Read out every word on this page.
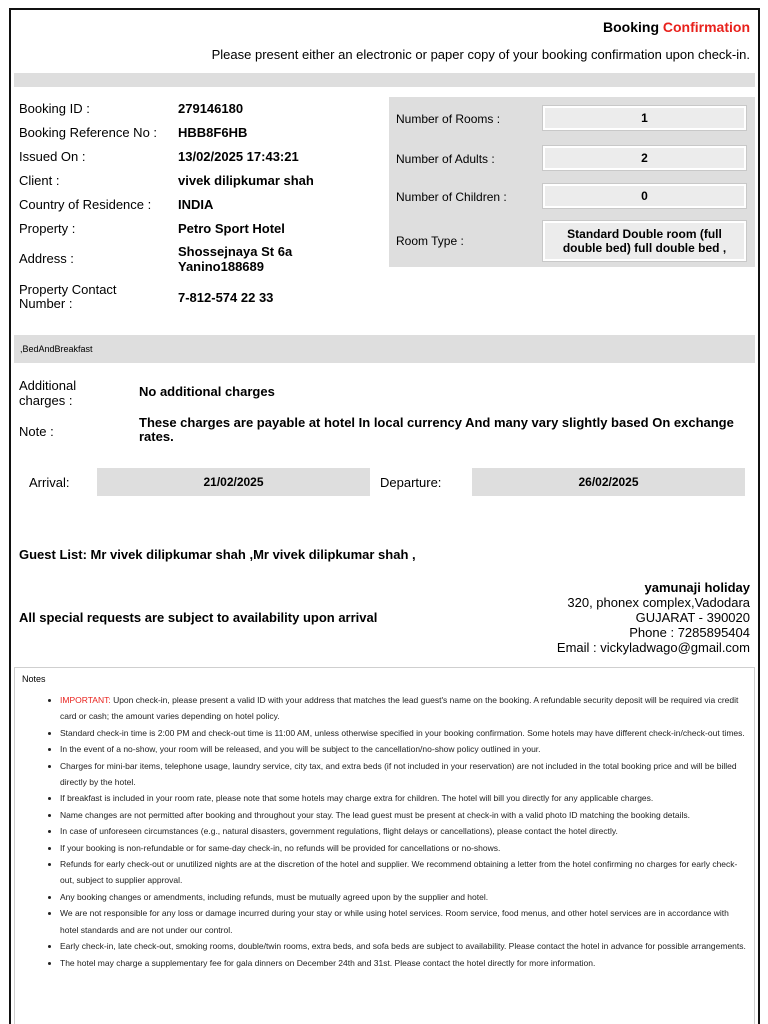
Booking Confirmation
Please present either an electronic or paper copy of your booking confirmation upon check-in.
Booking ID :	279146180
Booking Reference No :	HBB8F6HB
Issued On :	13/02/2025 17:43:21
Client :	vivek dilipkumar shah
Country of Residence :	INDIA
Property :	Petro Sport Hotel
Address :	Shossejnaya St 6a
Yanino188689
Property Contact
Number :	7-812-574 22 33
Number of Rooms :	1
Number of Adults :	2
Number of Children :	0
Room Type :	Standard Double room (full
double bed) full double bed ,
,BedAndBreakfast
Additional
charges :
No additional charges
Note :
These charges are payable at hotel In local currency And many vary slightly based On exchange rates.
Arrival:	21/02/2025	Departure:	26/02/2025
Guest List: Mr vivek dilipkumar shah ,Mr vivek dilipkumar shah ,
All special requests are subject to availability upon arrival
yamunaji holiday
320, phonex complex,Vadodara
GUJARAT - 390020
Phone : 7285895404
Email : vickyladwago@gmail.com
Notes
• IMPORTANT: Upon check-in, please present a valid ID with your address that matches the lead guest's name on the booking. A refundable security deposit will be required via credit card or cash; the amount varies depending on hotel policy.
• Standard check-in time is 2:00 PM and check-out time is 11:00 AM, unless otherwise specified in your booking confirmation. Some hotels may have different check-in/check-out times.
• In the event of a no-show, your room will be released, and you will be subject to the cancellation/no-show policy outlined in your.
• Charges for mini-bar items, telephone usage, laundry service, city tax, and extra beds (if not included in your reservation) are not included in the total booking price and will be billed directly by the hotel.
• If breakfast is included in your room rate, please note that some hotels may charge extra for children. The hotel will bill you directly for any applicable charges.
• Name changes are not permitted after booking and throughout your stay. The lead guest must be present at check-in with a valid photo ID matching the booking details.
• In case of unforeseen circumstances (e.g., natural disasters, government regulations, flight delays or cancellations), please contact the hotel directly.
• If your booking is non-refundable or for same-day check-in, no refunds will be provided for cancellations or no-shows.
• Refunds for early check-out or unutilized nights are at the discretion of the hotel and supplier. We recommend obtaining a letter from the hotel confirming no charges for early check-out, subject to supplier approval.
• Any booking changes or amendments, including refunds, must be mutually agreed upon by the supplier and hotel.
• We are not responsible for any loss or damage incurred during your stay or while using hotel services. Room service, food menus, and other hotel services are in accordance with hotel standards and are not under our control.
• Early check-in, late check-out, smoking rooms, double/twin rooms, extra beds, and sofa beds are subject to availability. Please contact the hotel in advance for possible arrangements.
• The hotel may charge a supplementary fee for gala dinners on December 24th and 31st. Please contact the hotel directly for more information.
